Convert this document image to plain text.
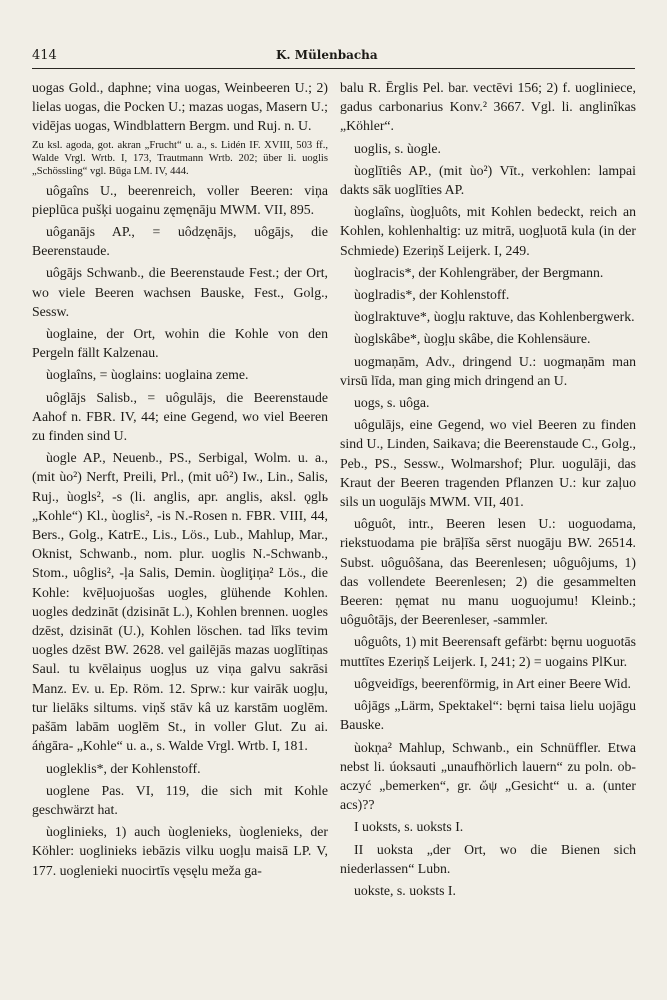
414	K. Mülenbacha

uogas Gold., daphne; vina uogas, Weinbeeren U.; 2) lielas uogas, die Pocken U.; mazas uogas, Masern U.; vidējas uogas, Windblattern Bergm. und Ruj. n. U.

Zu ksl. agoda, got. akran „Frucht“ u. a., s. Lidén IF. XVIII, 503 ff., Walde Vrgl. Wrtb. I, 173, Trautmann Wrtb. 202; über li. uoglis „Schössling“ vgl. Būga LM. IV, 444.

uôgaîns U., beerenreich, voller Beeren: viņa pieplūca pušķi uogainu zęmęnāju MWM. VII, 895.

uôganājs AP., = uôdzęnājs, uôgājs, die Beerenstaude.

uôgājs Schwanb., die Beerenstaude Fest.; der Ort, wo viele Beeren wachsen Bauske, Fest., Golg., Sessw.

ùoglaine, der Ort, wohin die Kohle von den Pergeln fällt Kalzenau.

ùoglaîns, = ùoglains: uoglaina zeme.

uôglājs Salisb., = uôgulājs, die Beerenstaude Aahof n. FBR. IV, 44; eine Gegend, wo viel Beeren zu finden sind U.

ùogle AP., Neuenb., PS., Serbigal, Wolm. u. a., (mit ùo²) Nerft, Preili, Prl., (mit uô²) Iw., Lin., Salis, Ruj., ùogls², -s (li. anglis, apr. anglis, aksl. ǫglь „Kohle“) Kl., ùoglis², -is N.-Rosen n. FBR. VIII, 44, Bers., Golg., KatrE., Lis., Lös., Lub., Mahlup, Mar., Oknist, Schwanb., nom. plur. uoglis N.-Schwanb., Stom., uôglis², -ļa Salis, Demin. ùogliţiņa² Lös., die Kohle: kvēļuojuošas uogles, glühende Kohlen. uogles dedzināt (dzisināt L.), Kohlen brennen. uogles dzēst, dzisināt (U.), Kohlen löschen. tad līks tevim uogles dzēst BW. 2628. vel gailējās mazas uoglītiņas Saul. tu kvēlaiņus uogļus uz viņa galvu sakrāsi Manz. Ev. u. Ep. Röm. 12. Sprw.: kur vairāk uogļu, tur lielāks siltums. viņš stāv kâ uz karstām uoglēm. pašām labām uoglēm St., in voller Glut. Zu ai. áṅgāra- „Kohle“ u. a., s. Walde Vrgl. Wrtb. I, 181.

uogleklis*, der Kohlenstoff.

uoglene Pas. VI, 119, die sich mit Kohle geschwärzt hat.

ùoglinieks, 1) auch ùoglenieks, ùoglenieks, der Köhler: uoglinieks iebāzis vilku uogļu maisā LP. V, 177. uoglenieki nuocirtīs vęsęlu meža ga-

balu R. Ērglis Pel. bar. vectēvi 156; 2) f. uogliniece, gadus carbonarius Konv.² 3667. Vgl. li. anglinîkas „Köhler“.

uoglis, s. ùogle.

ùoglītiês AP., (mit ùo²) Vīt., verkohlen: lampai dakts sāk uoglīties AP.

ùoglaîns, ùogļuôts, mit Kohlen bedeckt, reich an Kohlen, kohlenhaltig: uz mitrā, uogļuotā kula (in der Schmiede) Ezeriņš Leijerk. I, 249.

ùoglracis*, der Kohlengräber, der Bergmann.

ùoglradis*, der Kohlenstoff.

ùoglraktuve*, ùogļu raktuve, das Kohlenbergwerk.

ùoglskâbe*, ùogļu skâbe, die Kohlensäure.

uogmaņām, Adv., dringend U.: uogmaņām man virsū līda, man ging mich dringend an U.

uogs, s. uôga.

uôgulājs, eine Gegend, wo viel Beeren zu finden sind U., Linden, Saikava; die Beerenstaude C., Golg., Peb., PS., Sessw., Wolmarshof; Plur. uogulāji, das Kraut der Beeren tragenden Pflanzen U.: kur zaļuo sils un uogulājs MWM. VII, 401.

uôguôt, intr., Beeren lesen U.: uoguodama, riekstuodama pie brāļīša sērst nuogāju BW. 26514. Subst. uôguôšana, das Beerenlesen; uôguôjums, 1) das vollendete Beerenlesen; 2) die gesammelten Beeren: ņęmat nu manu uoguojumu! Kleinb.; uôguôtājs, der Beerenleser, -sammler.

uôguôts, 1) mit Beerensaft gefärbt: bęrnu uoguotās muttītes Ezeriņš Leijerk. I, 241; 2) = uogains PlKur.

uôgveidīgs, beerenförmig, in Art einer Beere Wid.

uôjāgs „Lärm, Spektakel“: bęrni taisa lielu uojāgu Bauske.

ùokņa² Mahlup, Schwanb., ein Schnüffler. Etwa nebst li. úoksauti „unaufhörlich lauern“ zu poln. ob-aczyć „bemerken“, gr. ὤψ „Gesicht“ u. a. (unter acs)??

I uoksts, s. uoksts I.

II uoksta „der Ort, wo die Bienen sich niederlassen“ Lubn.

uokste, s. uoksts I.
